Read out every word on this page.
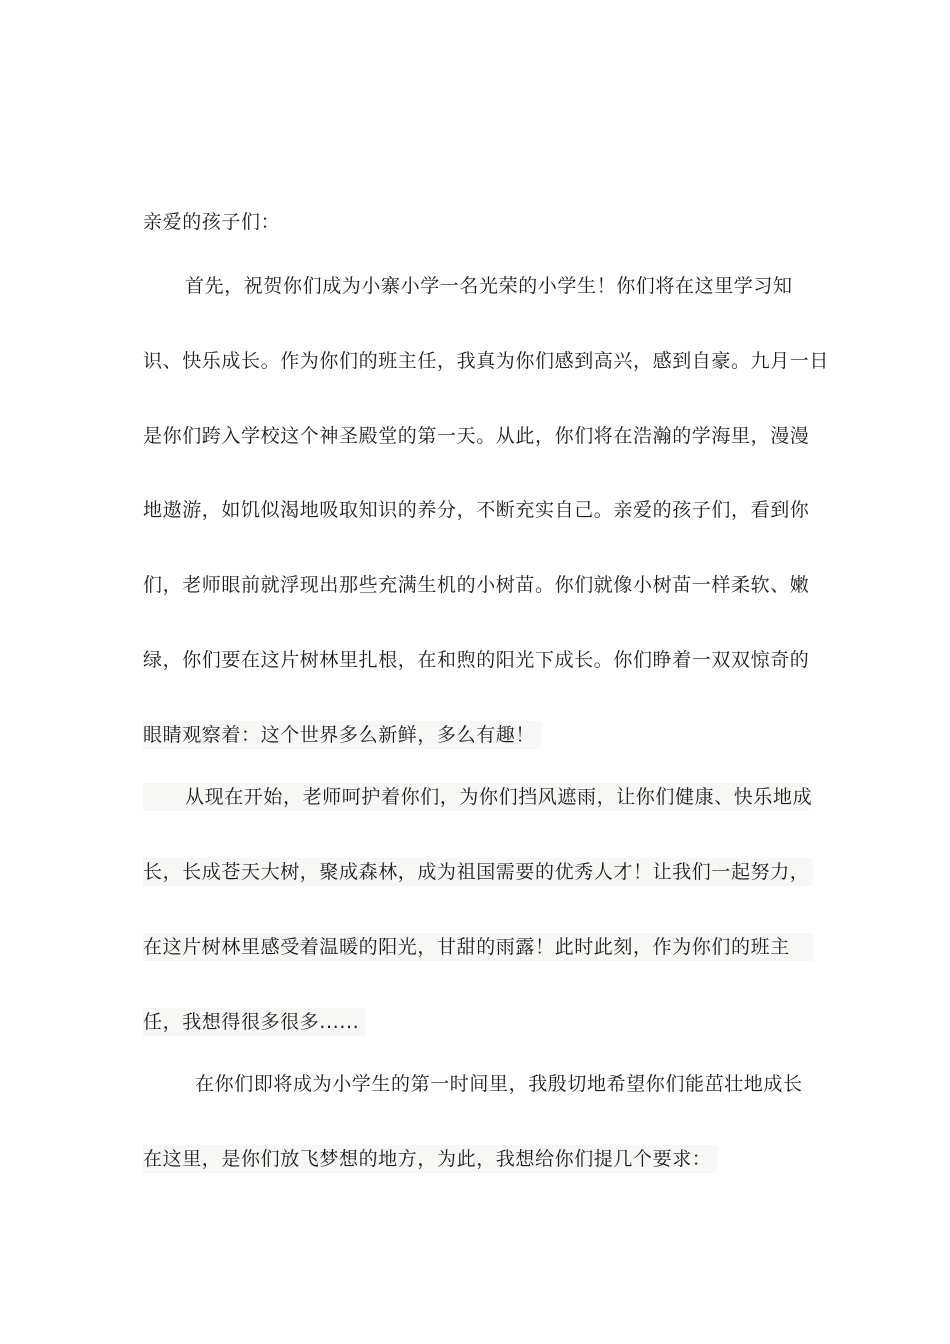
亲爱的孩子们：
首先，祝贺你们成为小寨小学一名光荣的小学生！你们将在这里学习知
识、快乐成长。作为你们的班主任，我真为你们感到高兴，感到自豪。九月一日
是你们跨入学校这个神圣殿堂的第一天。从此，你们将在浩瀚的学海里，漫漫
地遨游，如饥似渴地吸取知识的养分，不断充实自己。亲爱的孩子们，看到你
们，老师眼前就浮现出那些充满生机的小树苗。你们就像小树苗一样柔软、嫩
绿，你们要在这片树林里扎根，在和煦的阳光下成长。你们睁着一双双惊奇的
眼睛观察着：这个世界多么新鲜，多么有趣！
从现在开始，老师呵护着你们，为你们挡风遮雨，让你们健康、快乐地成
长，长成苍天大树，聚成森林，成为祖国需要的优秀人才！让我们一起努力，
在这片树林里感受着温暖的阳光，甘甜的雨露！此时此刻，作为你们的班主
任，我想得很多很多......
在你们即将成为小学生的第一时间里，我殷切地希望你们能茁壮地成长
在这里，是你们放飞梦想的地方，为此，我想给你们提几个要求：
